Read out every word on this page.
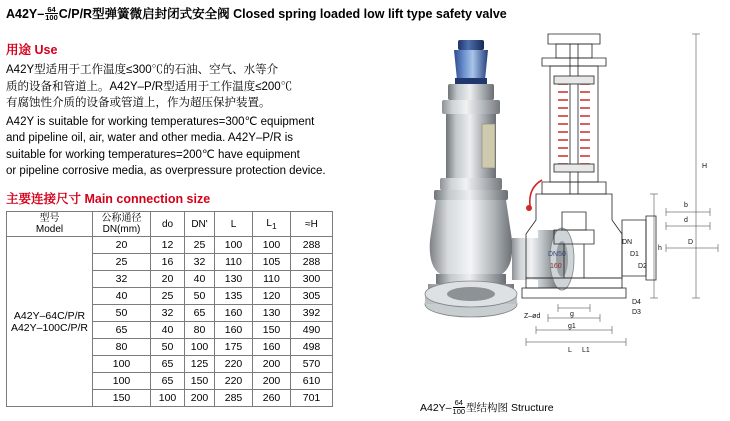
$A42Y- \frac{64}{100} C/P/R$型弹簧微启封闭式安全阀 Closed spring loaded low lift type safety valve
用途 Use

A42Y型适用于工作温度≤300℃的石油、空气、水等介

质的设备和管道上。A42Y–P/R型适用于工作温度≤200℃

有腐蚀性介质的设备或管道上，作为超压保护装置。

A42Y is suitable for working temperatures=300℃ equipment

and pipeline oil, air, water and other media. A42Y–P/R is

suitable for working temperatures=200℃ have equipment

or pipeline corrosive media, as overpressure protection device.

主要连接尺寸 Main connection size
型号
Model

公称通径
DN(mm)	do	DN'	L	$L_1$	≈H

A42Y–64C/P/R
A42Y–100C/P/R	20	12	25	100	100	288
	25	16	32	110	105	288
	32	20	40	130	110	300
	40	25	50	135	120	305
	50	32	65	160	130	392
	65	40	80	160	150	490
	80	50	100	175	160	498
	100	65	125	220	200	570
	100	65	150	220	200	610
	150	100	200	285	260	701
DN50
160
H
h
b
d
D
D1
D2
DN
g
g1
D4
D3
L L1
Z–ød
$A42Y- \frac{64}{100}$ 型结构图 Structure
